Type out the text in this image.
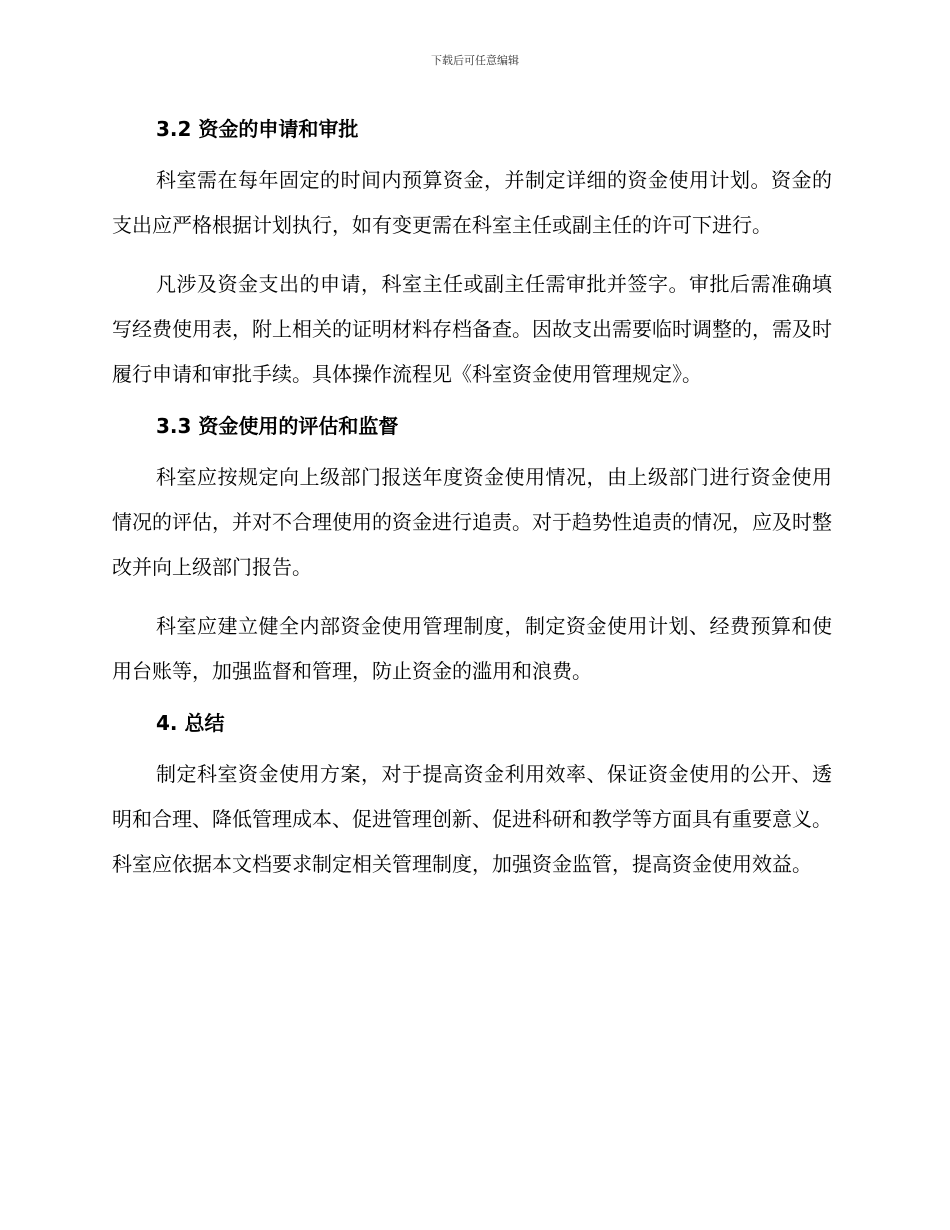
下载后可任意编辑
3.2 资金的申请和审批

科室需在每年固定的时间内预算资金，并制定详细的资金使用计划。资金的支出应严格根据计划执行，如有变更需在科室主任或副主任的许可下进行。

凡涉及资金支出的申请，科室主任或副主任需审批并签字。审批后需准确填写经费使用表，附上相关的证明材料存档备查。因故支出需要临时调整的，需及时履行申请和审批手续。具体操作流程见《科室资金使用管理规定》。

3.3 资金使用的评估和监督

科室应按规定向上级部门报送年度资金使用情况，由上级部门进行资金使用情况的评估，并对不合理使用的资金进行追责。对于趋势性追责的情况，应及时整改并向上级部门报告。

科室应建立健全内部资金使用管理制度，制定资金使用计划、经费预算和使用台账等，加强监督和管理，防止资金的滥用和浪费。

4. 总结

制定科室资金使用方案，对于提高资金利用效率、保证资金使用的公开、透明和合理、降低管理成本、促进管理创新、促进科研和教学等方面具有重要意义。科室应依据本文档要求制定相关管理制度，加强资金监管，提高资金使用效益。
